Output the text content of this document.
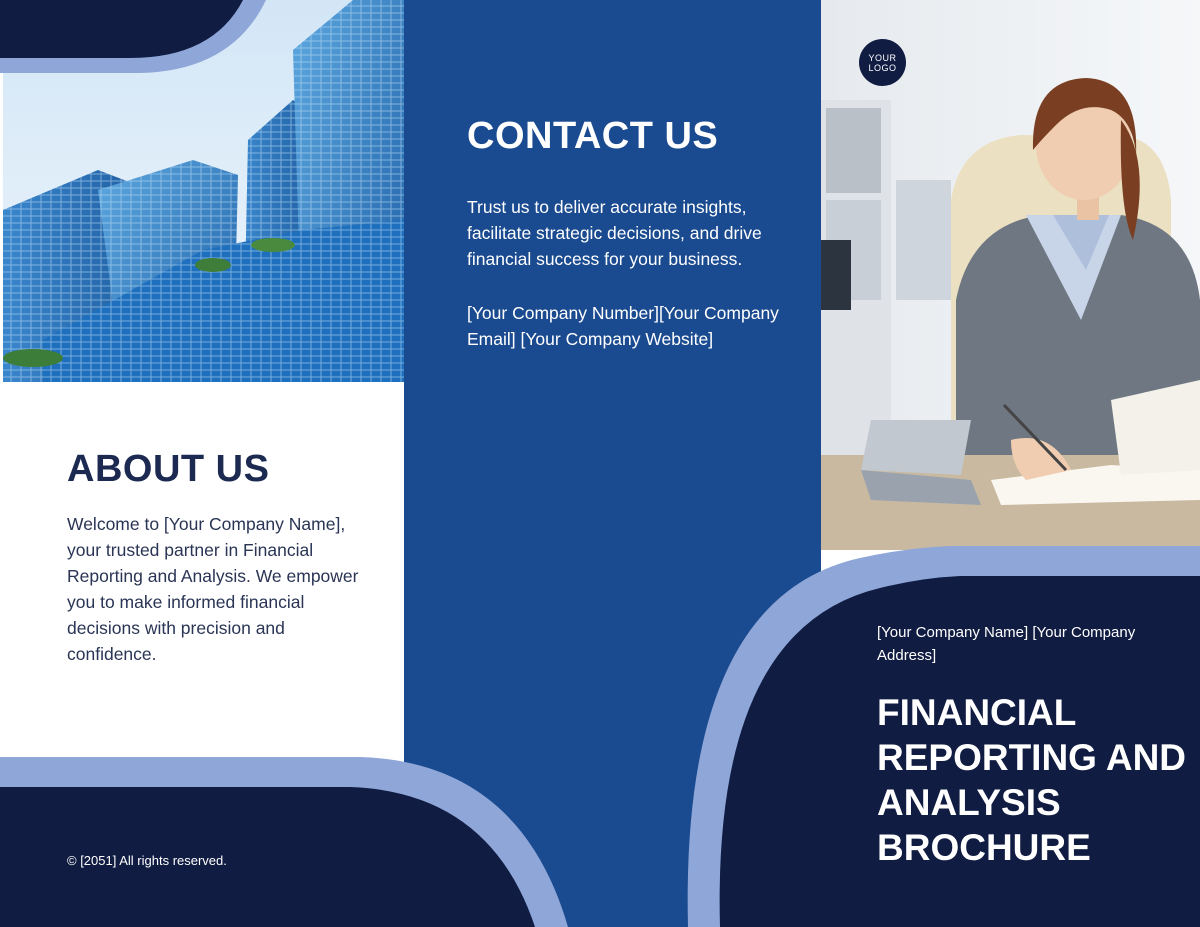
YOUR
LOGO
ABOUT US

Welcome to [Your Company Name], your trusted partner in Financial Reporting and Analysis. We empower you to make informed financial decisions with precision and confidence.

CONTACT US

Trust us to deliver accurate insights, facilitate strategic decisions, and drive financial success for your business.

[Your Company Number][Your Company Email] [Your Company Website]

[Your Company Name] [Your Company Address]

FINANCIAL REPORTING AND ANALYSIS BROCHURE
© [2051] All rights reserved.
